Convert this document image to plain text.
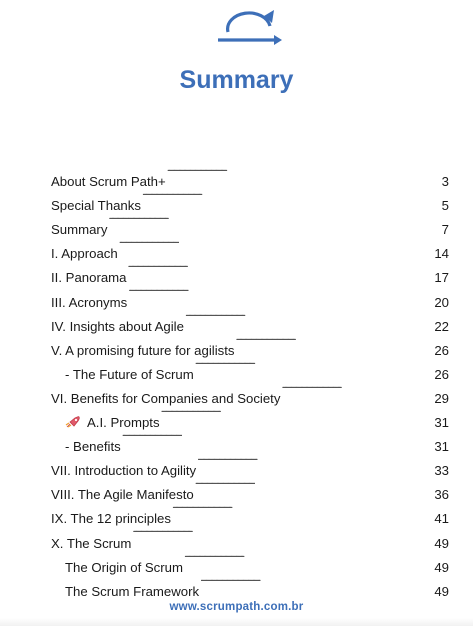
Summary
About Scrum Path+ . . .	3
Special Thanks . . .	5
Summary . . .	7
I. Approach . . .	14
II. Panorama . . .	17
III. Acronyms . . .	20
IV. Insights about Agile . . .	22
V. A promising future for agilists . . .	26
- The Future of Scrum . . .	26
VI. Benefits for Companies and Society . . .	29
A.I. Prompts . . .	31
- Benefits . . .	31
VII. Introduction to Agility . . .	33
VIII. The Agile Manifesto . . .	36
IX. The 12 principles . . .	41
X. The Scrum . . .	49
The Origin of Scrum . . .	49
The Scrum Framework . . .	49
www.scrumpath.com.br
